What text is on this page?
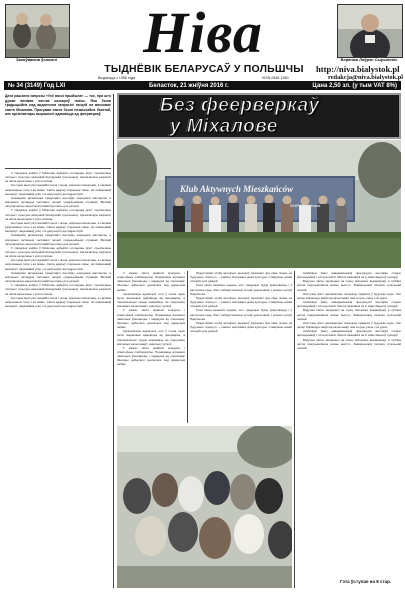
Захоўваюча ўспомні Ніва
ТЫДНЁВІК БЕЛАРУСАЎ У ПОЛЬШЧЫ
Выдаецца з 1956 года	ISSN 0546-1960
Вераніка Лаўрэн Сырыневіч
http://niva.bialystok.pl
redakcja@niva.bialystok.pl
№ 34 (3149) Год LXI	Беласток, 21 жніўня 2016 г.	Цана 2,50 зл. (у тым VAT 8%)
Дата рашэння імпрэзы «Усё вяскі прыйшла» — тое, пра што думае вялікая частка жыхароў гміны. Яна была традыцыйна пад вядзеннем запрасілі гасцей на вясковае свята Міхалова. Праграма свята была незвычайна багатай, але арганізатары вырашылі адмовіцца ад феерверкаў.

У сярэдзіне жніўня ў Міхалове адбыўся штогадовы фэст, прысвечаны гісторыі і культуры мясцовай беларускай супольнасці. Арганізатары запрасілі на свята калектывы з усяго рэгіёна.

На сцэне выступілі ансамблі песні і танца, дзіцячыя калектывы, а таксама запрошаныя госці з-за мяжы. Свята адкрыў старшыня гміны, які павіншаваў жыхароў і падзякаваў усім, хто далучыўся да падрыхтоўкі.

Грамадскія арганізацыі прадставілі выстаўку народнага мастацтва, а мясцовыя гаспадыні частавалі гасцей традыцыйнымі стравамі. Вялікай папулярнасцю карысталіся майстар-класы для дзяцей.

У сярэдзіне жніўня ў Міхалове адбыўся штогадовы фэст, прысвечаны гісторыі і культуры мясцовай беларускай супольнасці. Арганізатары запрасілі на свята калектывы з усяго рэгіёна.

На сцэне выступілі ансамблі песні і танца, дзіцячыя калектывы, а таксама запрошаныя госці з-за мяжы. Свята адкрыў старшыня гміны, які павіншаваў жыхароў і падзякаваў усім, хто далучыўся да падрыхтоўкі.

Грамадскія арганізацыі прадставілі выстаўку народнага мастацтва, а мясцовыя гаспадыні частавалі гасцей традыцыйнымі стравамі. Вялікай папулярнасцю карысталіся майстар-класы для дзяцей.

У сярэдзіне жніўня ў Міхалове адбыўся штогадовы фэст, прысвечаны гісторыі і культуры мясцовай беларускай супольнасці. Арганізатары запрасілі на свята калектывы з усяго рэгіёна.

На сцэне выступілі ансамблі песні і танца, дзіцячыя калектывы, а таксама запрошаныя госці з-за мяжы. Свята адкрыў старшыня гміны, які павіншаваў жыхароў і падзякаваў усім, хто далучыўся да падрыхтоўкі.

Грамадскія арганізацыі прадставілі выстаўку народнага мастацтва, а мясцовыя гаспадыні частавалі гасцей традыцыйнымі стравамі. Вялікай папулярнасцю карысталіся майстар-класы для дзяцей.

У сярэдзіне жніўня ў Міхалове адбыўся штогадовы фэст, прысвечаны гісторыі і культуры мясцовай беларускай супольнасці. Арганізатары запрасілі на свята калектывы з усяго рэгіёна.

На сцэне выступілі ансамблі песні і танца, дзіцячыя калектывы, а таксама запрошаныя госці з-за мяжы. Свята адкрыў старшыня гміны, які павіншаваў жыхароў і падзякаваў усім, хто далучыўся да падрыхтоўкі.

Без феерверкаў
у Міхалове
Klub Aktywnych Mieszkańców
GOP Michałowo

У межах свята прайшлі конкурсы і спартыўныя спаборніцтвы. Пераможцы атрымалі памятныя ўзнагароды і падарункі ад спонсараў. Увечары адбылася дыскатэка пад адкрытым небам.

Арганізатары адзначылі, што ў гэтым годзе было вырашана адмовіцца ад феерверка, а сэкономленыя сродкі накіраваць на падтрымку мясцовых калектываў і дзіцячых гурткоў.

У межах свята прайшлі конкурсы і спартыўныя спаборніцтвы. Пераможцы атрымалі памятныя ўзнагароды і падарункі ад спонсараў. Увечары адбылася дыскатэка пад адкрытым небам.

Арганізатары адзначылі, што ў гэтым годзе было вырашана адмовіцца ад феерверка, а сэкономленыя сродкі накіраваць на падтрымку мясцовых калектываў і дзіцячых гурткоў.

У межах свята прайшлі конкурсы і спартыўныя спаборніцтвы. Пераможцы атрымалі памятныя ўзнагароды і падарункі ад спонсараў. Увечары адбылася дыскатэка пад адкрытым небам.

Прадстаўнікі клуба актыўных жыхароў расказалі пра свае планы на будучыню. Сярод іх — рамонт мясцовага дома культуры і стварэнне новай пляцоўкі для дзяцей.

Госці свята выказалі надзею, што традыцыя будзе працягвацца і ў наступныя гады. Фэст сабраў некалькі сотняў удзельнікаў з розных куткоў Падляшша.

Прадстаўнікі клуба актыўных жыхароў расказалі пра свае планы на будучыню. Сярод іх — рамонт мясцовага дома культуры і стварэнне новай пляцоўкі для дзяцей.

Госці свята выказалі надзею, што традыцыя будзе працягвацца і ў наступныя гады. Фэст сабраў некалькі сотняў удзельнікаў з розных куткоў Падляшша.

Прадстаўнікі клуба актыўных жыхароў расказалі пра свае планы на будучыню. Сярод іх — рамонт мясцовага дома культуры і стварэнне новай пляцоўкі для дзяцей.

Асаблівую ўвагу наведвальнікаў прыцягнула выстаўка старых фотаздымкаў з гісторыі вёскі. Многія пазнавалі на іх сваіх бацькоў і дзядоў.

Вядучыя свята запрашалі на сцэну мясцовых выканаўцаў, а публіка цёпла падтрымлівала кожны выступ. Завяршылася імпрэза супольнай песняй.

Наступны фэст арганізатары плануюць правесці ў будучым годзе. Ужо цяпер збіраюцца заяўкі ад калектываў, якія хочуць узяць у ім удзел.

Асаблівую ўвагу наведвальнікаў прыцягнула выстаўка старых фотаздымкаў з гісторыі вёскі. Многія пазнавалі на іх сваіх бацькоў і дзядоў.

Вядучыя свята запрашалі на сцэну мясцовых выканаўцаў, а публіка цёпла падтрымлівала кожны выступ. Завяршылася імпрэза супольнай песняй.

Наступны фэст арганізатары плануюць правесці ў будучым годзе. Ужо цяпер збіраюцца заяўкі ад калектываў, якія хочуць узяць у ім удзел.

Асаблівую ўвагу наведвальнікаў прыцягнула выстаўка старых фотаздымкаў з гісторыі вёскі. Многія пазнавалі на іх сваіх бацькоў і дзядоў.

Вядучыя свята запрашалі на сцэну мясцовых выканаўцаў, а публіка цёпла падтрымлівала кожны выступ. Завяршылася імпрэза супольнай песняй.

Гэта ўступае на 8 стар.
